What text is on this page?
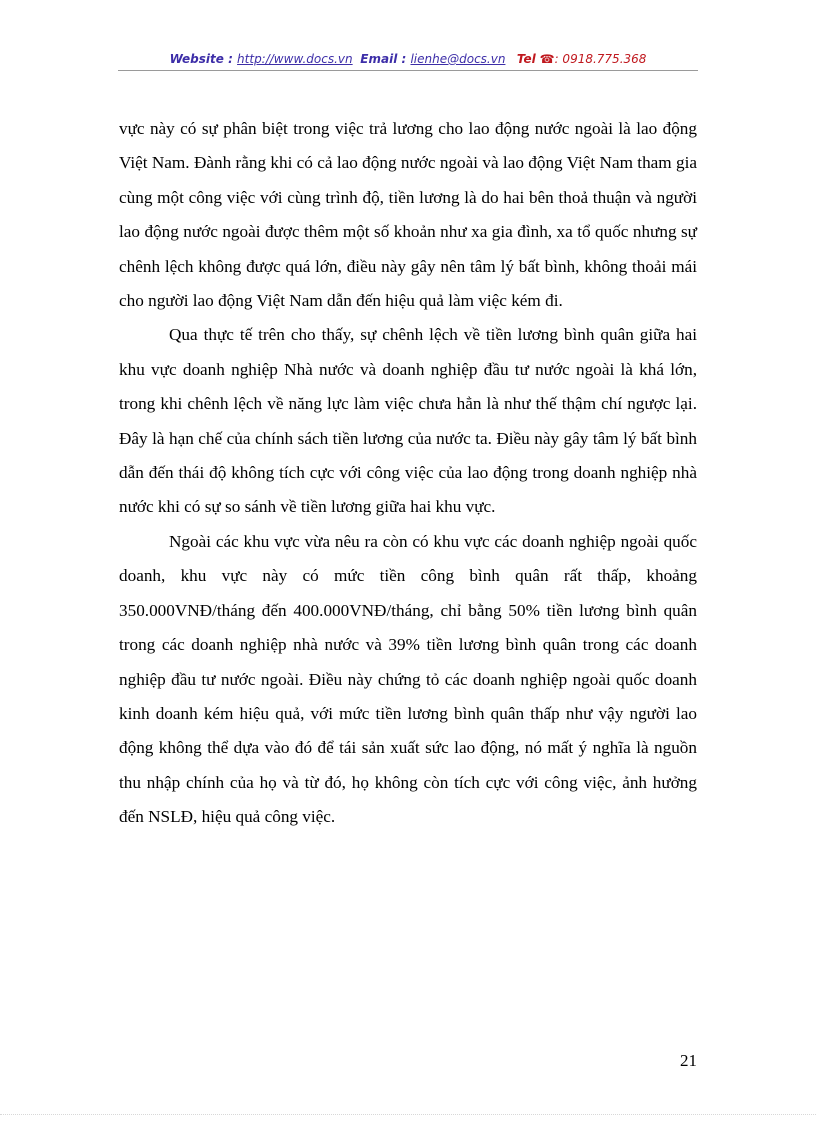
Website : http://www.docs.vn Email : lienhe@docs.vn Tel ☎: 0918.775.368

vực này có sự phân biệt trong việc trả lương cho lao động nước ngoài là lao động Việt Nam. Đành rằng khi có cả lao động nước ngoài và lao động Việt Nam tham gia cùng một công việc với cùng trình độ, tiền lương là do hai bên thoả thuận và người lao động nước ngoài được thêm một số khoản như xa gia đình, xa tổ quốc nhưng sự chênh lệch không được quá lớn, điều này gây nên tâm lý bất bình, không thoải mái cho người lao động Việt Nam dẫn đến hiệu quả làm việc kém đi.

Qua thực tế trên cho thấy, sự chênh lệch về tiền lương bình quân giữa hai khu vực doanh nghiệp Nhà nước và doanh nghiệp đầu tư nước ngoài là khá lớn, trong khi chênh lệch về năng lực làm việc chưa hẳn là như thế thậm chí ngược lại. Đây là hạn chế của chính sách tiền lương của nước ta. Điều này gây tâm lý bất bình dẫn đến thái độ không tích cực với công việc của lao động trong doanh nghiệp nhà nước khi có sự so sánh về tiền lương giữa hai khu vực.

Ngoài các khu vực vừa nêu ra còn có khu vực các doanh nghiệp ngoài quốc doanh, khu vực này có mức tiền công bình quân rất thấp, khoảng 350.000VNĐ/tháng đến 400.000VNĐ/tháng, chỉ bằng 50% tiền lương bình quân trong các doanh nghiệp nhà nước và 39% tiền lương bình quân trong các doanh nghiệp đầu tư nước ngoài. Điều này chứng tỏ các doanh nghiệp ngoài quốc doanh kinh doanh kém hiệu quả, với mức tiền lương bình quân thấp như vậy người lao động không thể dựa vào đó để tái sản xuất sức lao động, nó mất ý nghĩa là nguồn thu nhập chính của họ và từ đó, họ không còn tích cực với công việc, ảnh hưởng đến NSLĐ, hiệu quả công việc.

21
